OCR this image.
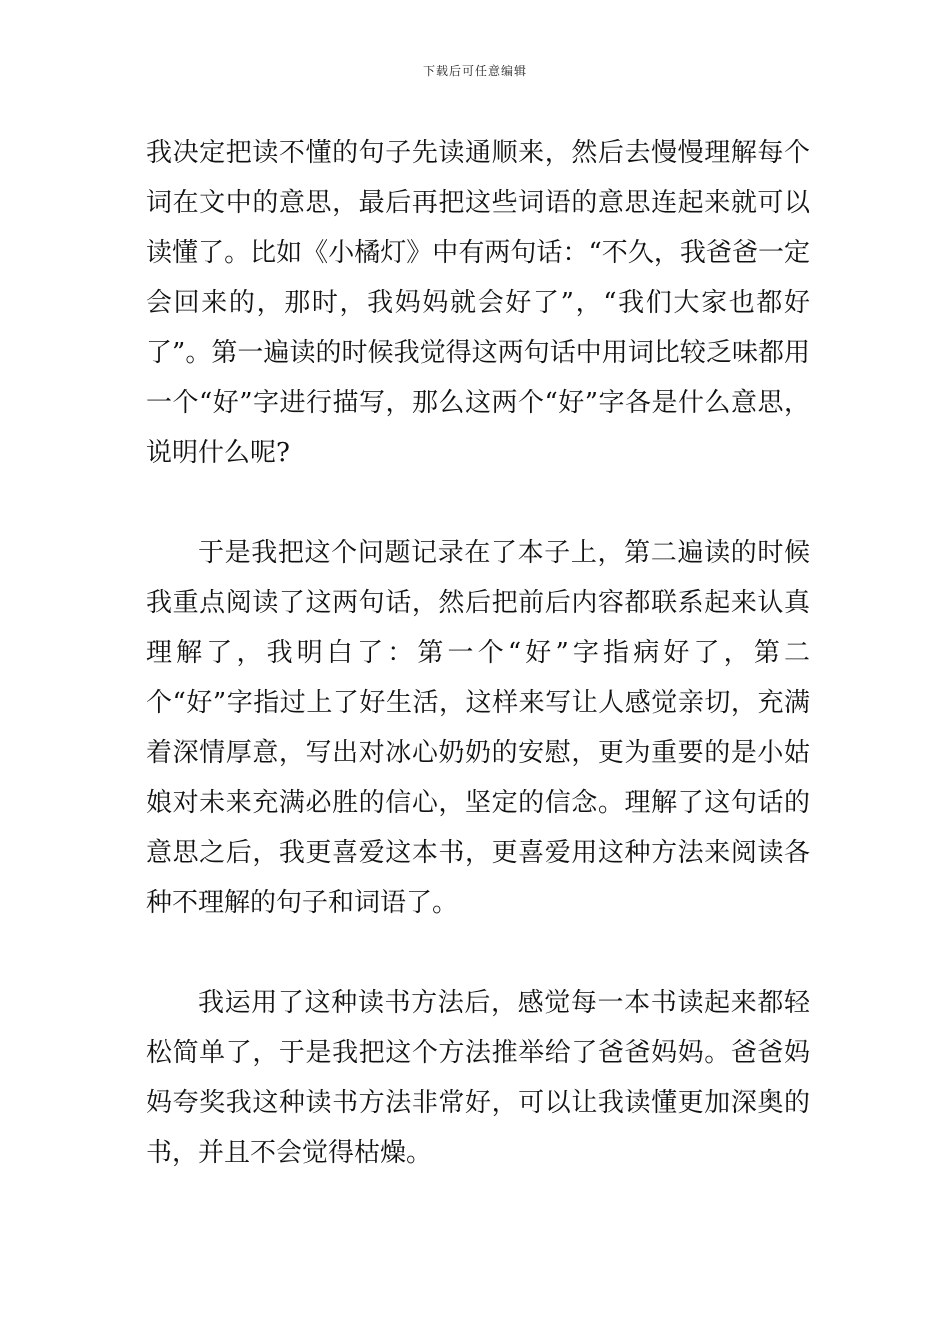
下载后可任意编辑

我决定把读不懂的句子先读通顺来，然后去慢慢理解每个词在文中的意思，最后再把这些词语的意思连起来就可以读懂了。比如《小橘灯》中有两句话：“不久，我爸爸一定会回来的，那时，我妈妈就会好了”，“我们大家也都好了”。第一遍读的时候我觉得这两句话中用词比较乏味都用一个“好”字进行描写，那么这两个“好”字各是什么意思，说明什么呢?

于是我把这个问题记录在了本子上，第二遍读的时候我重点阅读了这两句话，然后把前后内容都联系起来认真理解了，我明白了：第一个“好”字指病好了，第二个“好”字指过上了好生活，这样来写让人感觉亲切，充满着深情厚意，写出对冰心奶奶的安慰，更为重要的是小姑娘对未来充满必胜的信心，坚定的信念。理解了这句话的意思之后，我更喜爱这本书，更喜爱用这种方法来阅读各种不理解的句子和词语了。

我运用了这种读书方法后，感觉每一本书读起来都轻松简单了，于是我把这个方法推举给了爸爸妈妈。爸爸妈妈夸奖我这种读书方法非常好，可以让我读懂更加深奥的书，并且不会觉得枯燥。
